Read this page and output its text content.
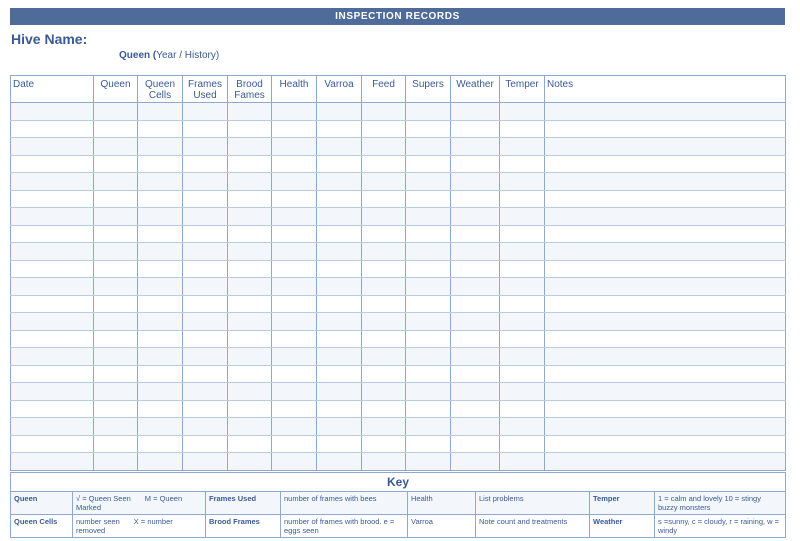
INSPECTION RECORDS
Hive Name:
Queen (Year / History)
Date	Queen	Queen Cells	Frames Used	Brood Fames	Health	Varroa	Feed	Supers	Weather	Temper	Notes

Key							
Queen	√ = Queen Seen M = Queen Marked	Frames Used	number of frames with bees	Health	List problems	Temper	1 = calm and lovely 10 = stingy buzzy monsters
Queen Cells	number seen X = number removed	Brood Frames	number of frames with brood. e = eggs seen	Varroa	Note count and treatments	Weather	s =sunny, c = cloudy, r = raining, w = windy
